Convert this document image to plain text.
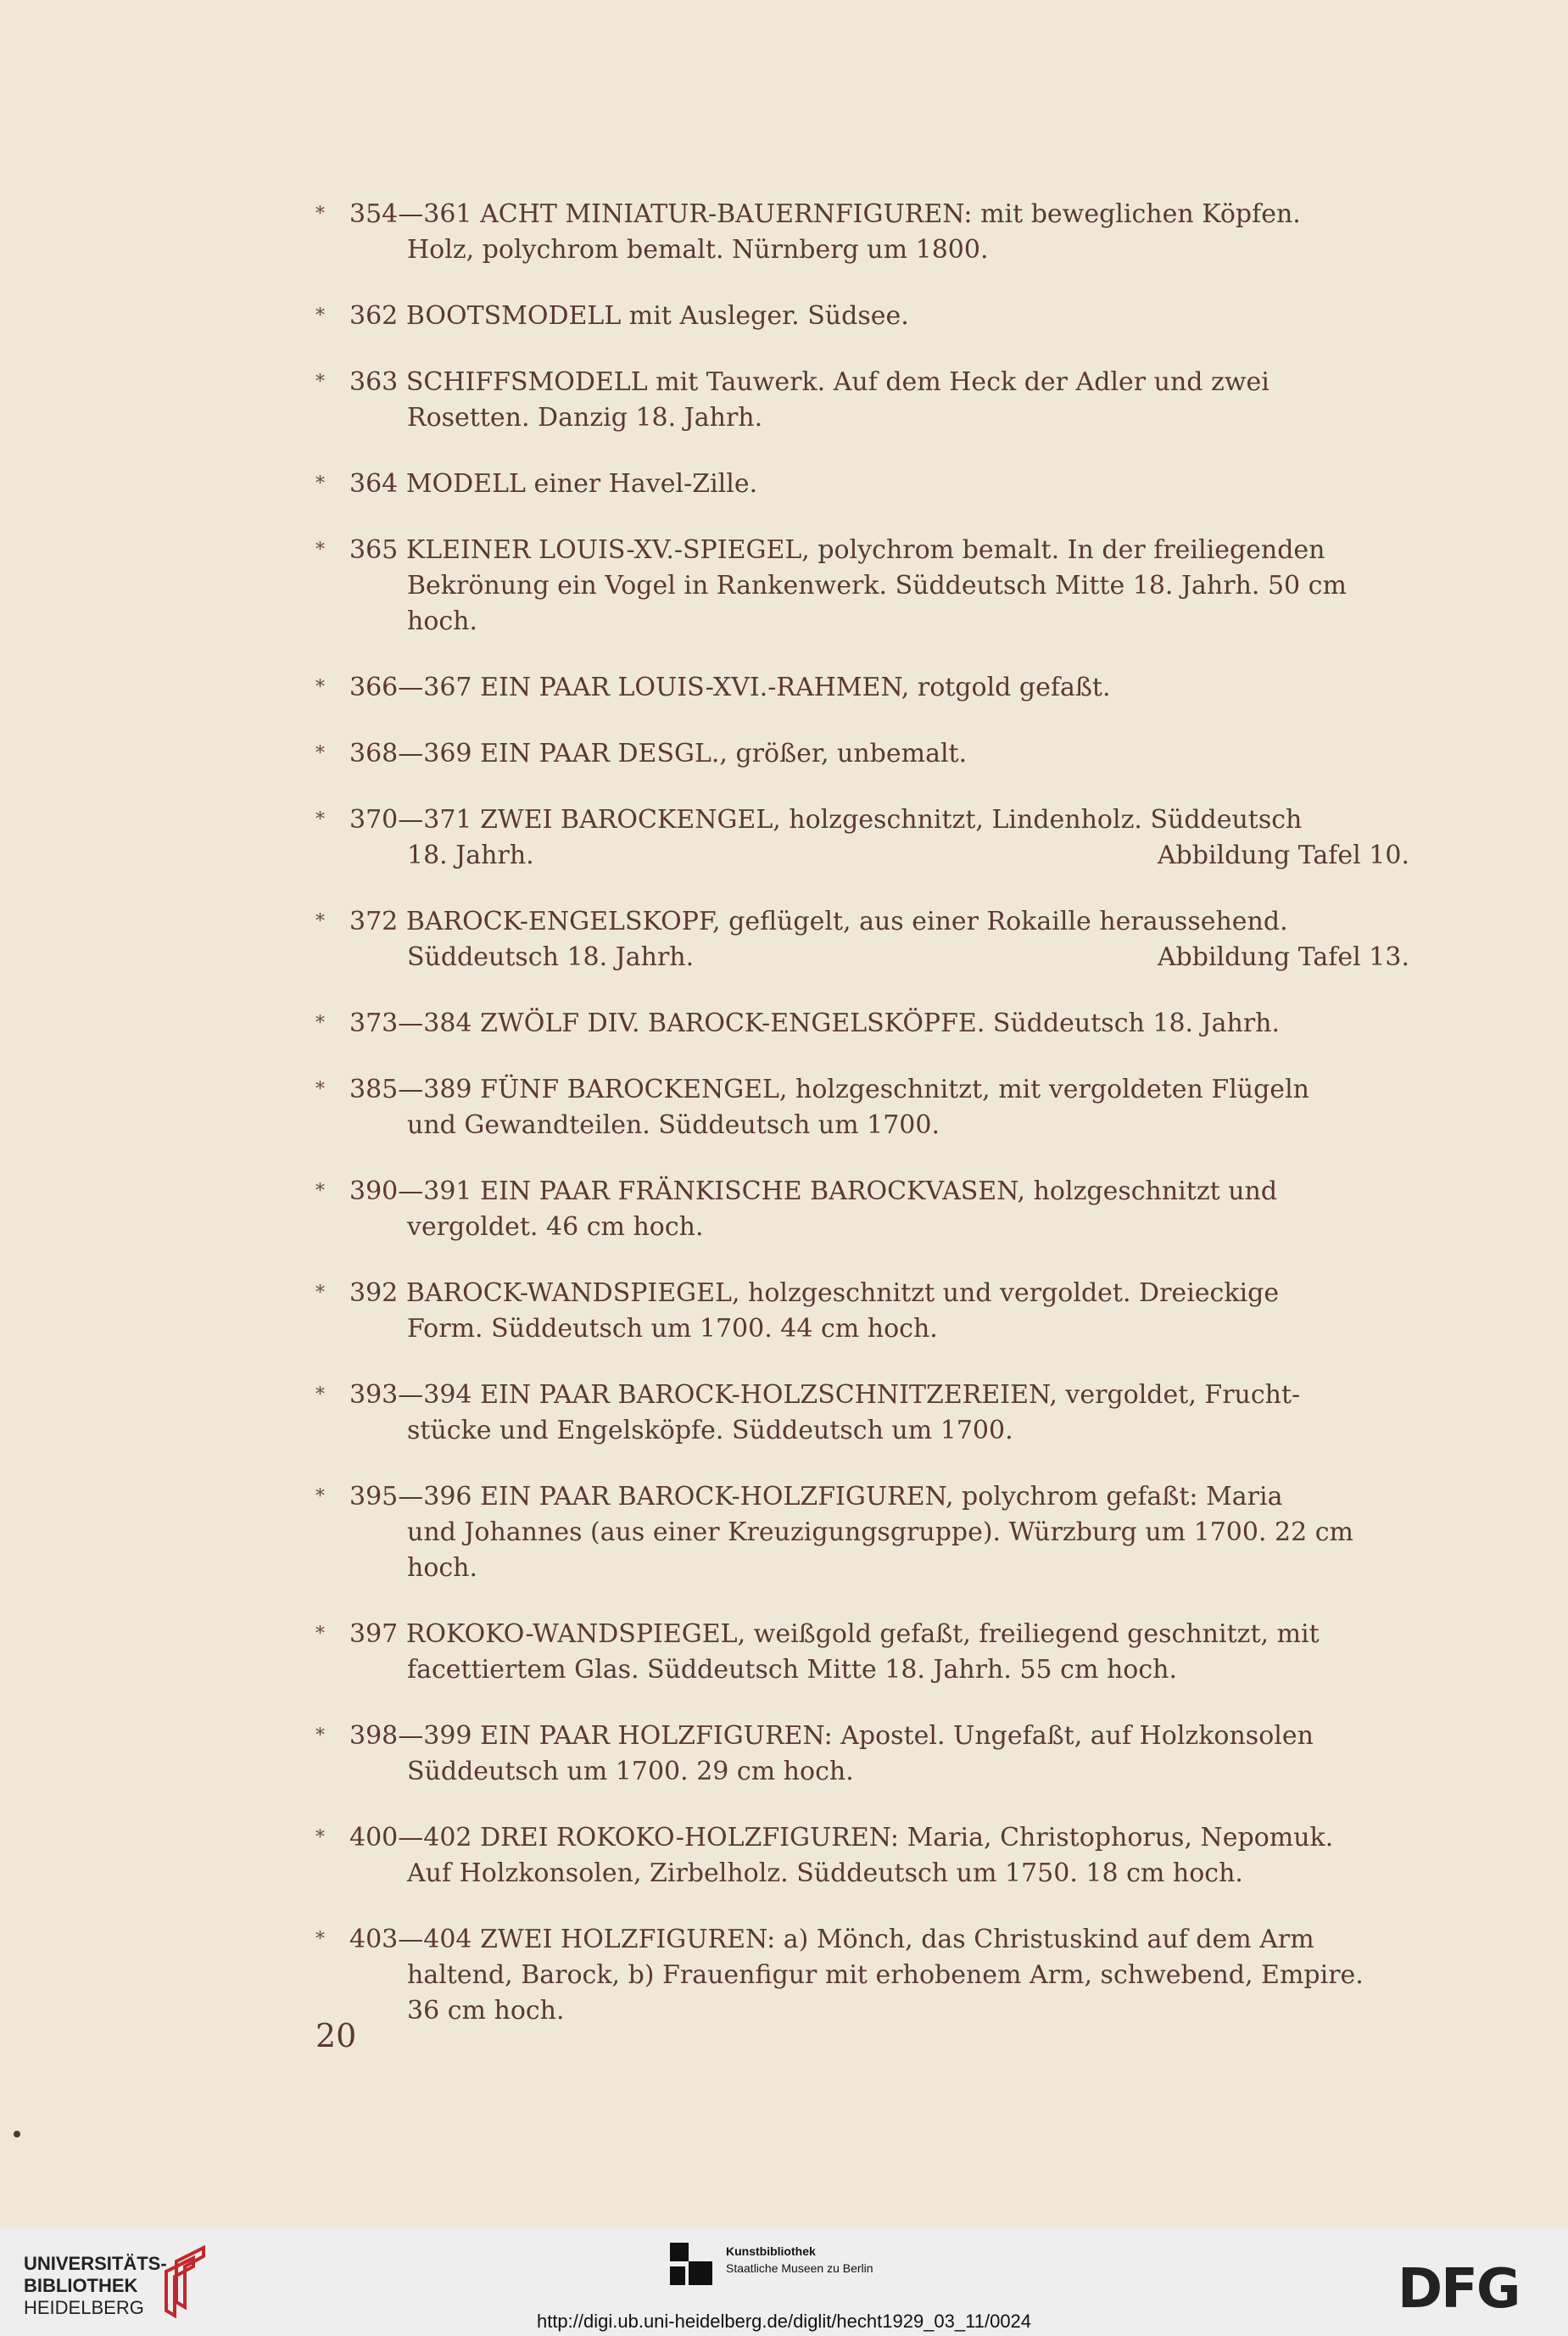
* 354—361 ACHT MINIATUR-BAUERNFIGUREN: mit beweglichen Köpfen.
Holz, polychrom bemalt. Nürnberg um 1800.
* 362 BOOTSMODELL mit Ausleger. Südsee.
* 363 SCHIFFSMODELL mit Tauwerk. Auf dem Heck der Adler und zwei
Rosetten. Danzig 18. Jahrh.
* 364 MODELL einer Havel-Zille.
* 365 KLEINER LOUIS-XV.-SPIEGEL, polychrom bemalt. In der freiliegenden
Bekrönung ein Vogel in Rankenwerk. Süddeutsch Mitte 18. Jahrh. 50 cm hoch.
* 366—367 EIN PAAR LOUIS-XVI.-RAHMEN, rotgold gefaßt.
* 368—369 EIN PAAR DESGL., größer, unbemalt.
* 370—371 ZWEI BAROCKENGEL, holzgeschnitzt, Lindenholz. Süddeutsch
18. Jahrh.	Abbildung Tafel 10.
* 372 BAROCK-ENGELSKOPF, geflügelt, aus einer Rokaille heraussehend.
Süddeutsch 18. Jahrh.	Abbildung Tafel 13.
* 373—384 ZWÖLF DIV. BAROCK-ENGELSKÖPFE. Süddeutsch 18. Jahrh.
* 385—389 FÜNF BAROCKENGEL, holzgeschnitzt, mit vergoldeten Flügeln
und Gewandteilen. Süddeutsch um 1700.
* 390—391 EIN PAAR FRÄNKISCHE BAROCKVASEN, holzgeschnitzt und
vergoldet. 46 cm hoch.
* 392 BAROCK-WANDSPIEGEL, holzgeschnitzt und vergoldet. Dreieckige
Form. Süddeutsch um 1700. 44 cm hoch.
* 393—394 EIN PAAR BAROCK-HOLZSCHNITZEREIEN, vergoldet, Frucht-
stücke und Engelsköpfe. Süddeutsch um 1700.
* 395—396 EIN PAAR BAROCK-HOLZFIGUREN, polychrom gefaßt: Maria
und Johannes (aus einer Kreuzigungsgruppe). Würzburg um 1700. 22 cm hoch.
* 397 ROKOKO-WANDSPIEGEL, weißgold gefaßt, freiliegend geschnitzt, mit
facettiertem Glas. Süddeutsch Mitte 18. Jahrh. 55 cm hoch.
* 398—399 EIN PAAR HOLZFIGUREN: Apostel. Ungefaßt, auf Holzkonsolen
Süddeutsch um 1700. 29 cm hoch.
* 400—402 DREI ROKOKO-HOLZFIGUREN: Maria, Christophorus, Nepomuk.
Auf Holzkonsolen, Zirbelholz. Süddeutsch um 1750. 18 cm hoch.
* 403—404 ZWEI HOLZFIGUREN: a) Mönch, das Christuskind auf dem Arm
haltend, Barock, b) Frauenfigur mit erhobenem Arm, schwebend, Empire.
36 cm hoch.
20
UNIVERSITÄTS-
BIBLIOTHEK
HEIDELBERG
Kunstbibliothek
Staatliche Museen zu Berlin	DFG
http://digi.ub.uni-heidelberg.de/diglit/hecht1929_03_11/0024
